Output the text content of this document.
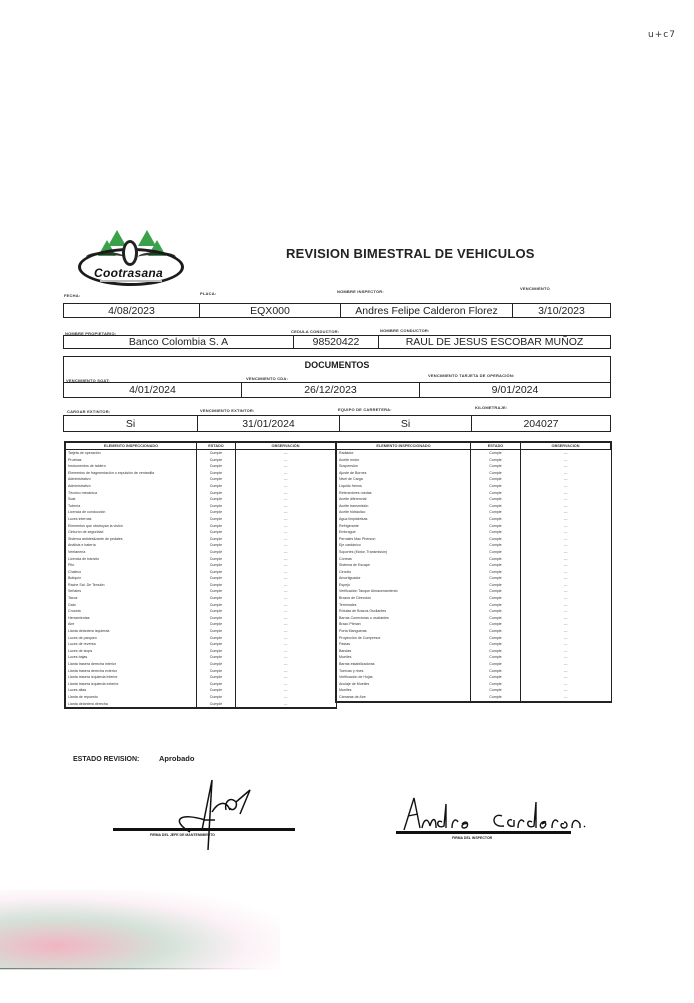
u+c7
Cootrasana
REVISION BIMESTRAL DE VEHICULOS
FECHA:	PLACA:	NOMBRE INSPECTOR:
VENCIMIENTO
4/08/2023	EQX000	Andres Felipe Calderon Florez	3/10/2023
NOMBRE PROPIETARIO:	CEDULA CONDUCTOR:	NOMBRE CONDUCTOR:
Banco Colombia S. A	98520422	RAUL DE JESUS ESCOBAR MUÑOZ
DOCUMENTOS
VENCIMIENTO SOAT:	VENCIMIENTO CDA:
VENCIMIENTO TARJETA DE OPERACIÓN:
4/01/2024	26/12/2023	9/01/2024
CARGAR EXTINTOR:	VENCIMIENTO EXTINTOR:	EQUIPO DE CARRETERA:	KILOMETRAJE:
Si	31/01/2024	Si	204027
ELEMENTO INSPECCIONADO	ESTADO	OBSERVACIÓN
Tarjeta de operación	Cumple	---
Pruebas	Cumple	---
Instrumentos de tablero	Cumple	---
Elementos de fragmentación o expulsión de ventanilla	Cumple	---
Administrativo	Cumple	---
Administrativo	Cumple	---
Técnico mecánica	Cumple	---
Soat	Cumple	---
Tubería	Cumple	---
Licencia de conducción	Cumple	---
Luces internas	Cumple	---
Elementos que obstruyan la visión	Cumple	---
Cinturón de seguridad	Cumple	---
Sistema antideslizante de pedales	Cumple	---
Análisis e batería	Cumple	---
Ventanería	Cumple	---
Licencia de tránsito	Cumple	---
Pito	Cumple	---
Chaleco	Cumple	---
Botiquín	Cumple	---
Rache Sal. De Tensión	Cumple	---
Señales	Cumple	---
Tacos	Cumple	---
Gato	Cumple	---
Cruceta	Cumple	---
Herramientas	Cumple	---
Aire	Cumple	---
Llanta delantera izquierda	Cumple	---
Luces de parqueo	Cumple	---
Luces de reversa	Cumple	---
Luces de stops	Cumple	---
Luces bajas	Cumple	---
Llanta trasera derecha interior	Cumple	---
Llanta trasera derecha exterior	Cumple	---
Llanta trasera izquierda interior	Cumple	---
Llanta trasera izquierda exterior	Cumple	---
Luces altas	Cumple	---
Llanta de repuesto	Cumple	---
Llanta delantera derecha	Cumple	---
ELEMENTO INSPECCIONADO	ESTADO	OBSERVACION
Radiador	Cumple	---
Aceite motor	Cumple	---
Suspensión	Cumple	---
Ajuste de Bornes	Cumple	---
Nivel de Carga	Cumple	---
Líquido frenos	Cumple	---
Retenedores ruedas	Cumple	---
Aceite diferencial	Cumple	---
Aceite transmisión	Cumple	---
Aceite hidráulico	Cumple	---
Agua limpiabrisas	Cumple	---
Refrigerante	Cumple	---
Embrague	Cumple	---
Pernales Mac Pherson	Cumple	---
Eje cardánico	Cumple	---
Soportes (Motor, Transmisión)	Cumple	---
Correas	Cumple	---
Sistema de Escape	Cumple	---
Circuito	Cumple	---
Amortiguador	Cumple	---
Espejo	Cumple	---
Verificación Tanque Almacenamiento	Cumple	---
Brazos de Dirección	Cumple	---
Terminales	Cumple	---
Rótulas de Brazos Oscilantes	Cumple	---
Barras Conectoras u oscilantes	Cumple	---
Brazo Pitman	Cumple	---
Porta Mangueras	Cumple	---
Proyección de Compresor	Cumple	---
Pastas	Cumple	---
Bandas	Cumple	---
Muelles	Cumple	---
Barras estabilizadoras	Cumple	---
Tuercas y rines	Cumple	---
Verificación de Hojas	Cumple	---
Anclaje de Muelles	Cumple	---
Muelles	Cumple	---
Cámaras de Aire	Cumple	---
ESTADO REVISION:	Aprobado
FIRMA DEL JEFE DE MANTENIMIENTO
FIRMA DEL INSPECTOR
